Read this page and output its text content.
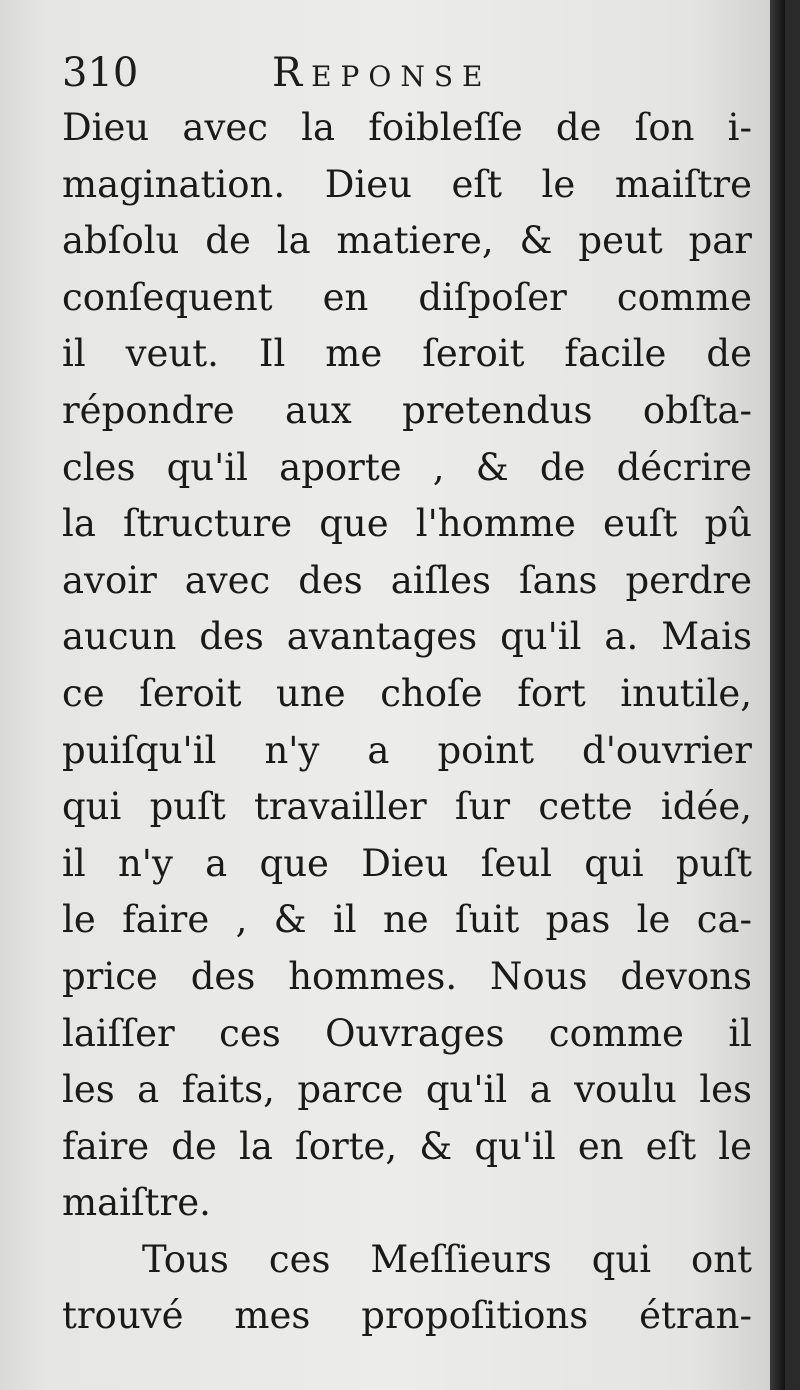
310	Reponse
Dieu avec la foibleſſe de ſon i-
magination. Dieu eſt le maiſtre
abſolu de la matiere, & peut par
conſequent en diſpoſer comme
il veut. Il me ſeroit facile de
répondre aux pretendus obſta-
cles qu'il aporte , & de décrire
la ſtructure que l'homme euſt pû
avoir avec des aiſles ſans perdre
aucun des avantages qu'il a. Mais
ce ſeroit une choſe fort inutile,
puiſqu'il n'y a point d'ouvrier
qui puſt travailler ſur cette idée,
il n'y a que Dieu ſeul qui puſt
le faire , & il ne ſuit pas le ca-
price des hommes. Nous devons
laiſſer ces Ouvrages comme il
les a faits, parce qu'il a voulu les
faire de la ſorte, & qu'il en eſt le
maiſtre.
Tous ces Meſſieurs qui ont
trouvé mes propoſitions étran-
